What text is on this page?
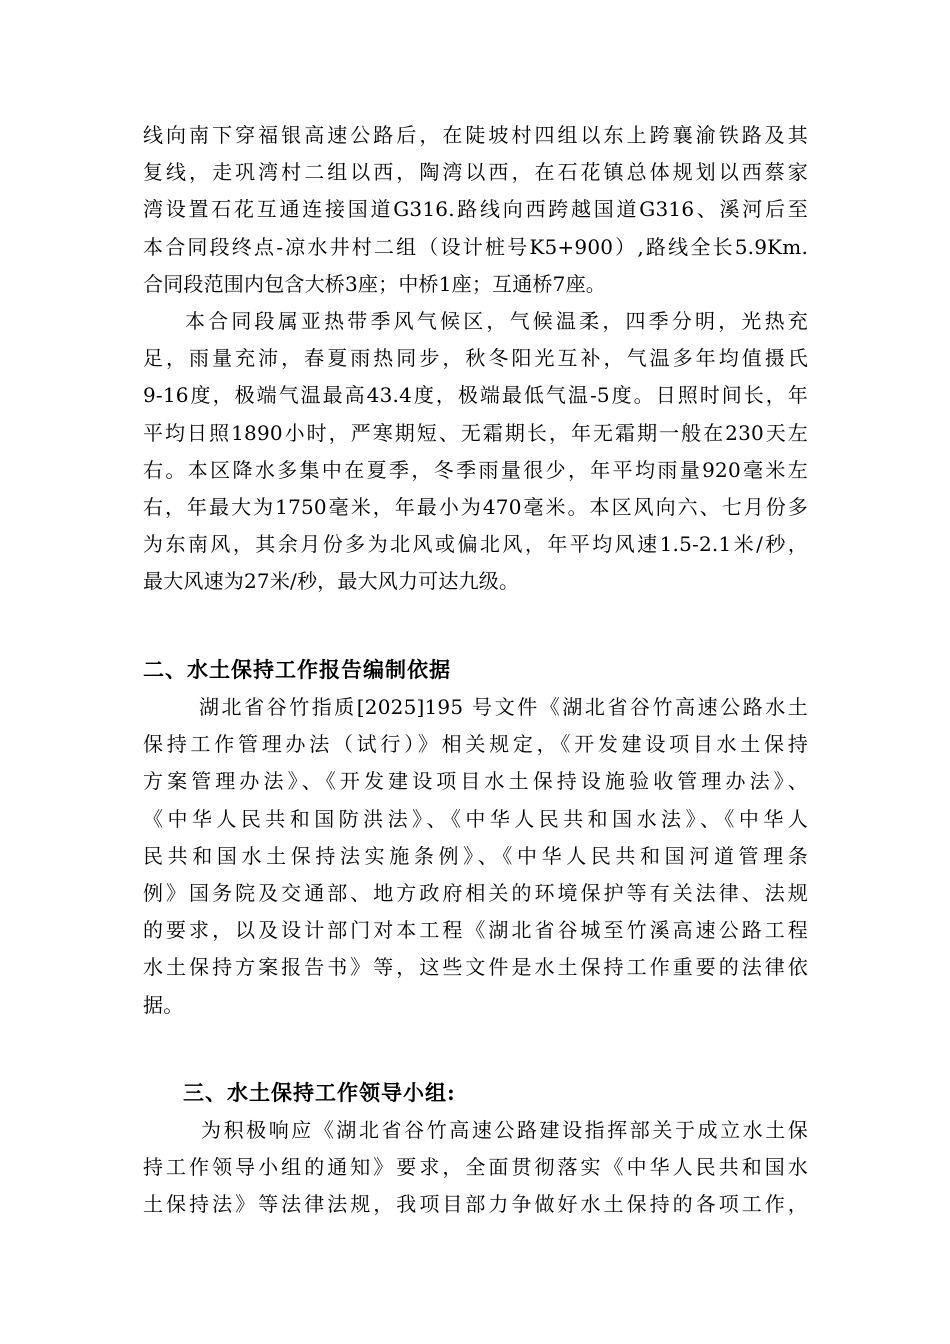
线向南下穿福银高速公路后，在陡坡村四组以东上跨襄渝铁路及其
复线，走巩湾村二组以西，陶湾以西，在石花镇总体规划以西蔡家
湾设置石花互通连接国道G316.路线向西跨越国道G316、溪河后至
本合同段终点-凉水井村二组（设计桩号K5+900）,路线全长5.9Km.
合同段范围内包含大桥3座；中桥1座；互通桥7座。
本合同段属亚热带季风气候区，气候温柔，四季分明，光热充
足，雨量充沛，春夏雨热同步，秋冬阳光互补，气温多年均值摄氏
9-16度，极端气温最高43.4度，极端最低气温-5度。日照时间长，年
平均日照1890小时，严寒期短、无霜期长，年无霜期一般在230天左
右。本区降水多集中在夏季，冬季雨量很少，年平均雨量920毫米左
右，年最大为1750毫米，年最小为470毫米。本区风向六、七月份多
为东南风，其余月份多为北风或偏北风，年平均风速1.5-2.1米/秒，
最大风速为27米/秒，最大风力可达九级。
二、水土保持工作报告编制依据
湖北省谷竹指质[2025]195 号文件《湖北省谷竹高速公路水土
保持工作管理办法（试行）》相关规定，《开发建设项目水土保持
方案管理办法》、《开发建设项目水土保持设施验收管理办法》、
《中华人民共和国防洪法》、《中华人民共和国水法》、《中华人
民共和国水土保持法实施条例》、《中华人民共和国河道管理条
例》国务院及交通部、地方政府相关的环境保护等有关法律、法规
的要求，以及设计部门对本工程《湖北省谷城至竹溪高速公路工程
水土保持方案报告书》等，这些文件是水土保持工作重要的法律依
据。
三、水土保持工作领导小组:
为积极响应《湖北省谷竹高速公路建设指挥部关于成立水土保
持工作领导小组的通知》要求，全面贯彻落实《中华人民共和国水
土保持法》等法律法规，我项目部力争做好水土保持的各项工作，
